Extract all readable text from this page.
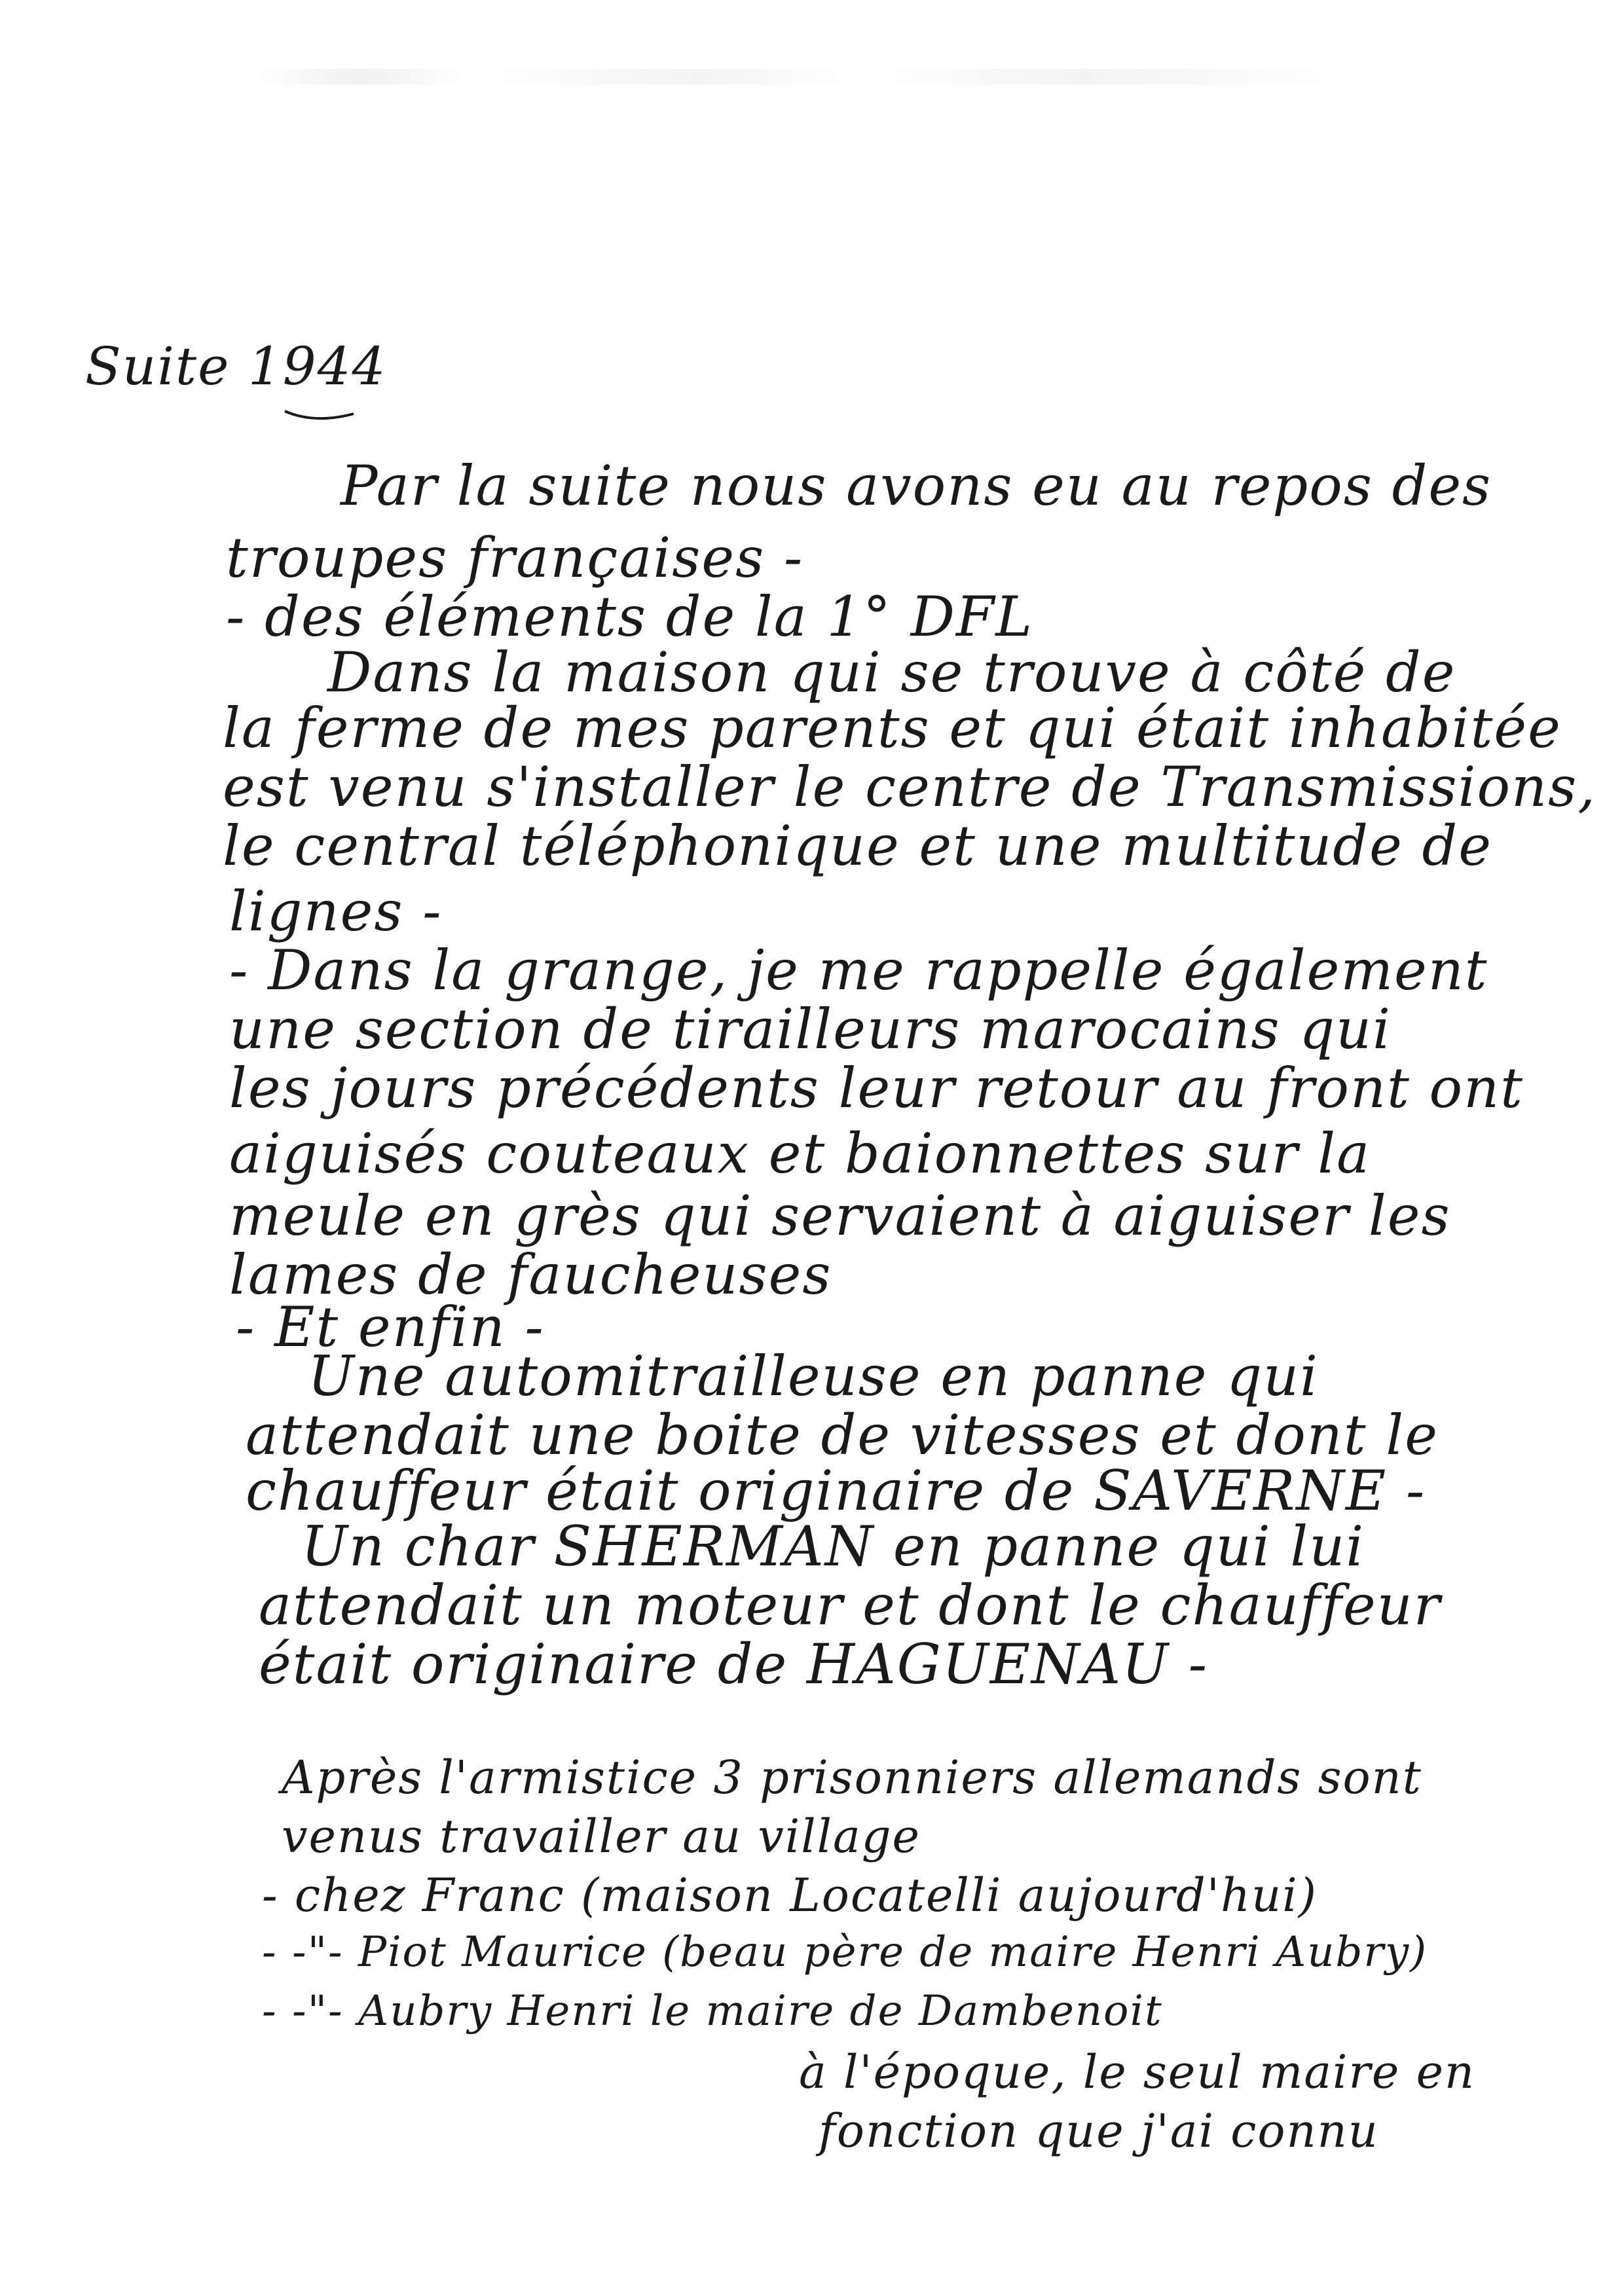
Suite 1944
Par la suite nous avons eu au repos des
troupes françaises -
- des éléments de la 1° DFL
Dans la maison qui se trouve à côté de
la ferme de mes parents et qui était inhabitée
est venu s'installer le centre de Transmissions,
le central téléphonique et une multitude de
lignes -
- Dans la grange, je me rappelle également
une section de tirailleurs marocains qui
les jours précédents leur retour au front ont
aiguisés couteaux et baionnettes sur la
meule en grès qui servaient à aiguiser les
lames de faucheuses
- Et enfin -
Une automitrailleuse en panne qui
attendait une boite de vitesses et dont le
chauffeur était originaire de SAVERNE -
Un char SHERMAN en panne qui lui
attendait un moteur et dont le chauffeur
était originaire de HAGUENAU -
Après l'armistice 3 prisonniers allemands sont
venus travailler au village
- chez Franc (maison Locatelli aujourd'hui)
- -"- Piot Maurice (beau père de maire Henri Aubry)
- -"- Aubry Henri le maire de Dambenoit
à l'époque, le seul maire en
fonction que j'ai connu
